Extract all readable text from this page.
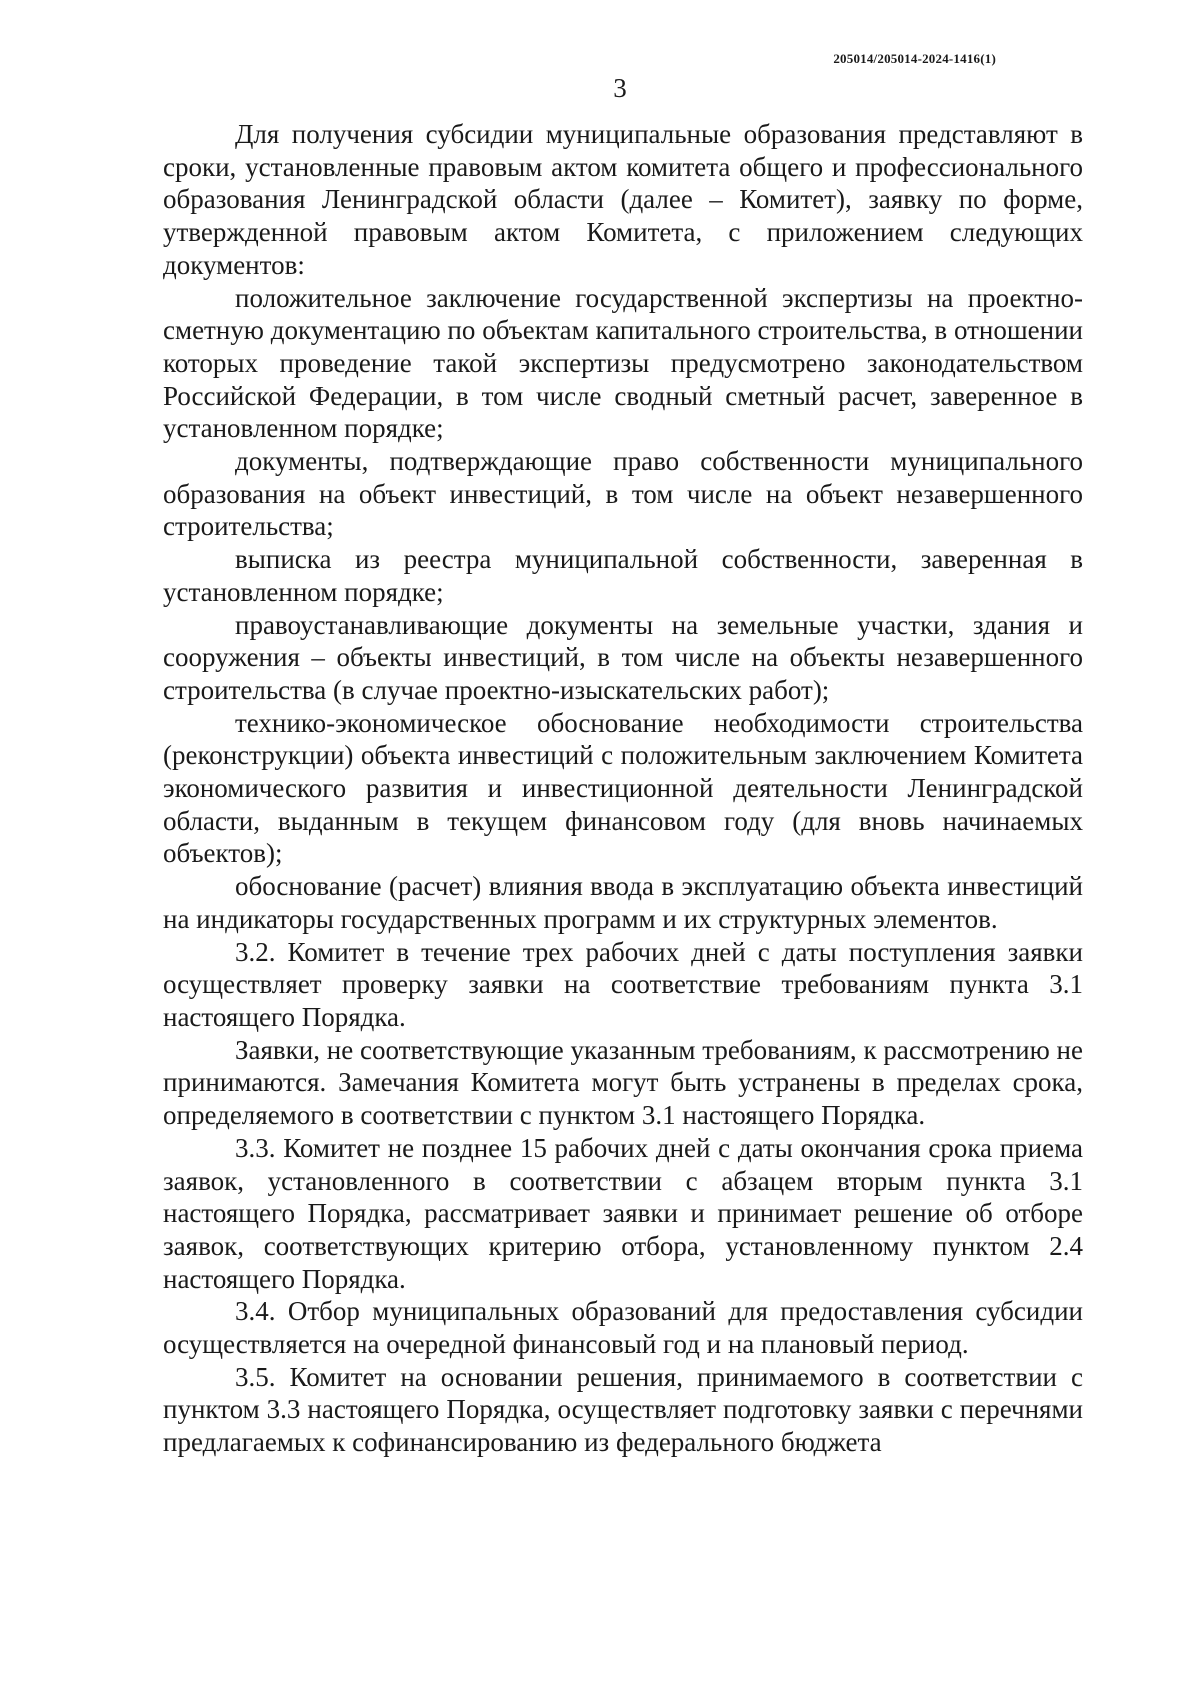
205014/205014-2024-1416(1)
3

Для получения субсидии муниципальные образования представляют в сроки, установленные правовым актом комитета общего и профессионального образования Ленинградской области (далее – Комитет), заявку по форме, утвержденной правовым актом Комитета, с приложением следующих документов:

положительное заключение государственной экспертизы на проектно-сметную документацию по объектам капитального строительства, в отношении которых проведение такой экспертизы предусмотрено законодательством Российской Федерации, в том числе сводный сметный расчет, заверенное в установленном порядке;

документы, подтверждающие право собственности муниципального образования на объект инвестиций, в том числе на объект незавершенного строительства;

выписка из реестра муниципальной собственности, заверенная в установленном порядке;

правоустанавливающие документы на земельные участки, здания и сооружения – объекты инвестиций, в том числе на объекты незавершенного строительства (в случае проектно-изыскательских работ);

технико-экономическое обоснование необходимости строительства (реконструкции) объекта инвестиций с положительным заключением Комитета экономического развития и инвестиционной деятельности Ленинградской области, выданным в текущем финансовом году (для вновь начинаемых объектов);

обоснование (расчет) влияния ввода в эксплуатацию объекта инвестиций на индикаторы государственных программ и их структурных элементов.

3.2. Комитет в течение трех рабочих дней с даты поступления заявки осуществляет проверку заявки на соответствие требованиям пункта 3.1 настоящего Порядка.

Заявки, не соответствующие указанным требованиям, к рассмотрению не принимаются. Замечания Комитета могут быть устранены в пределах срока, определяемого в соответствии с пунктом 3.1 настоящего Порядка.

3.3. Комитет не позднее 15 рабочих дней с даты окончания срока приема заявок, установленного в соответствии с абзацем вторым пункта 3.1 настоящего Порядка, рассматривает заявки и принимает решение об отборе заявок, соответствующих критерию отбора, установленному пунктом 2.4 настоящего Порядка.

3.4. Отбор муниципальных образований для предоставления субсидии осуществляется на очередной финансовый год и на плановый период.

3.5. Комитет на основании решения, принимаемого в соответствии с пунктом 3.3 настоящего Порядка, осуществляет подготовку заявки с перечнями предлагаемых к софинансированию из федерального бюджета
